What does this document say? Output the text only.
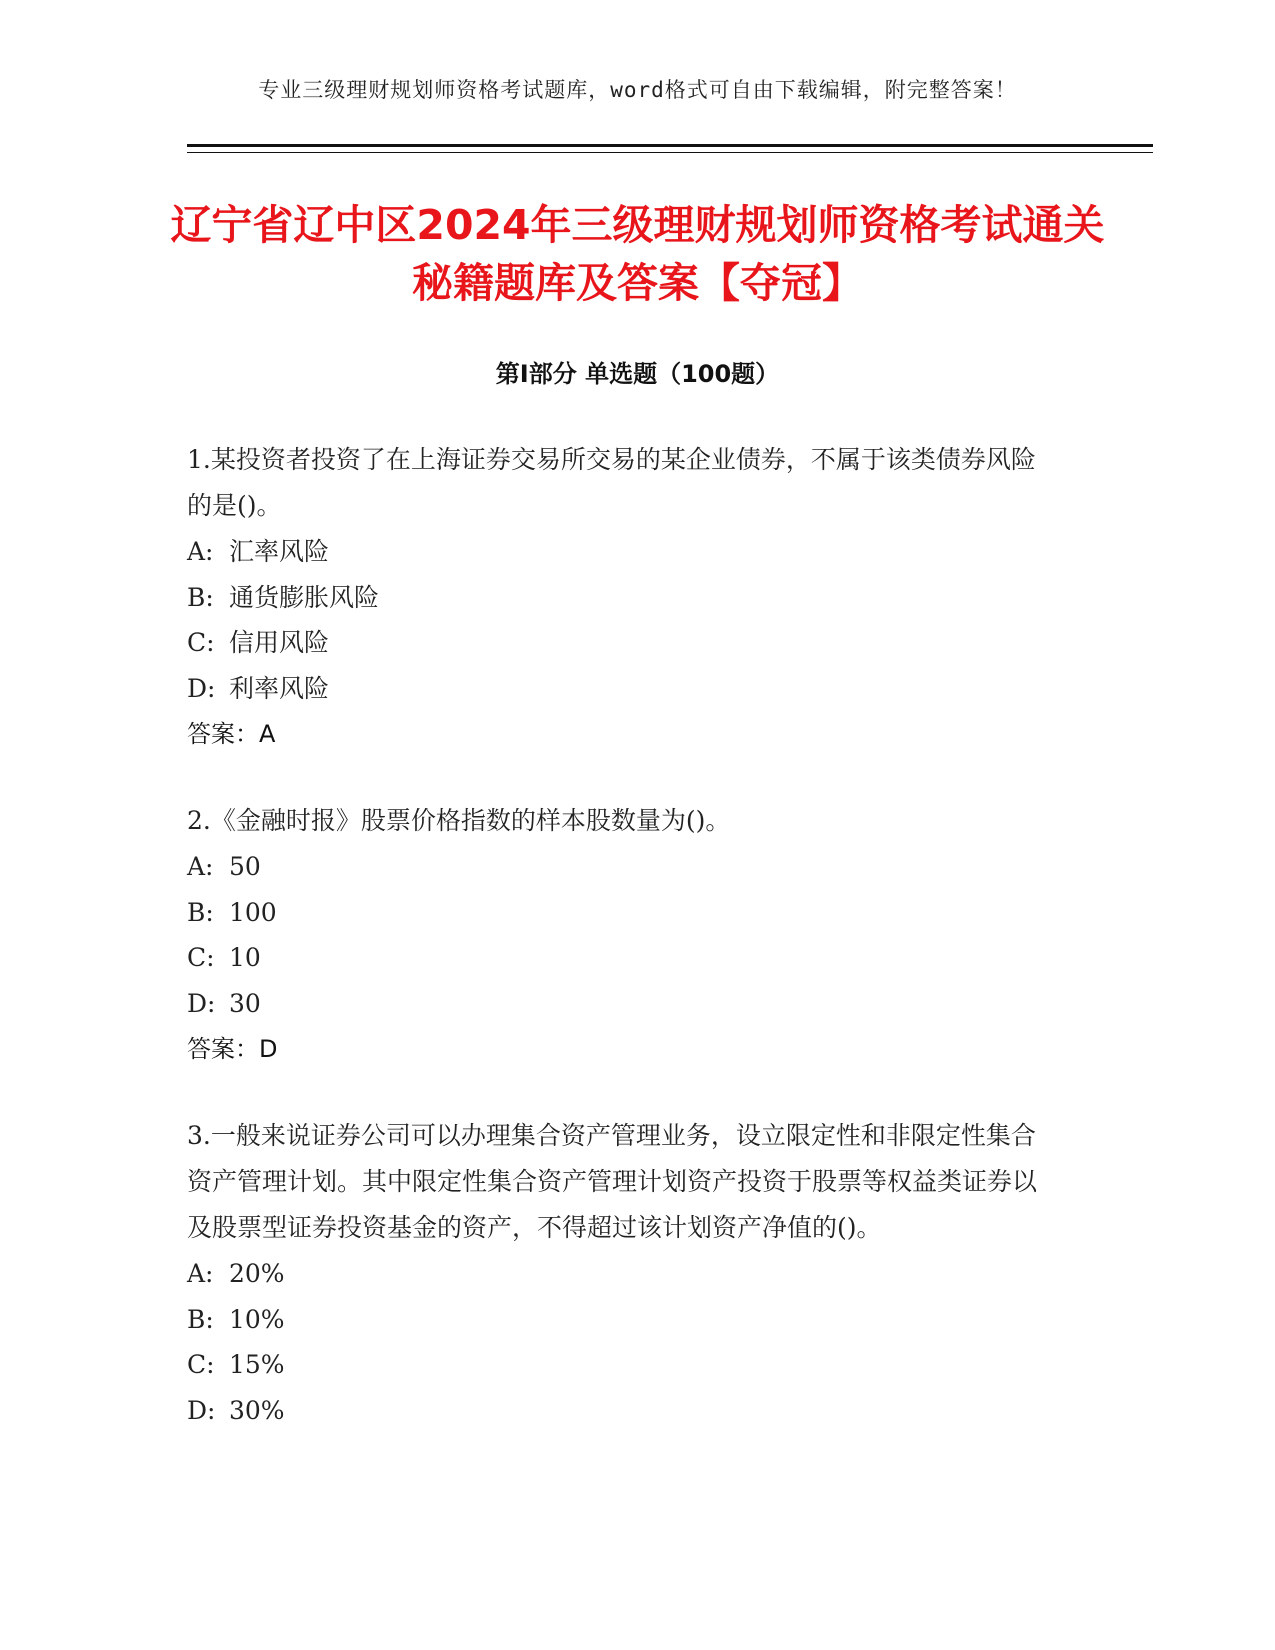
专业三级理财规划师资格考试题库，word格式可自由下载编辑，附完整答案！
辽宁省辽中区2024年三级理财规划师资格考试通关秘籍题库及答案【夺冠】
第Ⅰ部分 单选题（100题）

1.某投资者投资了在上海证券交易所交易的某企业债券，不属于该类债券风险的是()。

A: 汇率风险

B: 通货膨胀风险

C: 信用风险

D: 利率风险

答案：A

2.《金融时报》股票价格指数的样本股数量为()。

A: 50

B: 100

C: 10

D: 30

答案：D

3.一般来说证券公司可以办理集合资产管理业务，设立限定性和非限定性集合资产管理计划。其中限定性集合资产管理计划资产投资于股票等权益类证券以及股票型证券投资基金的资产，不得超过该计划资产净值的()。

A: 20%

B: 10%

C: 15%

D: 30%
